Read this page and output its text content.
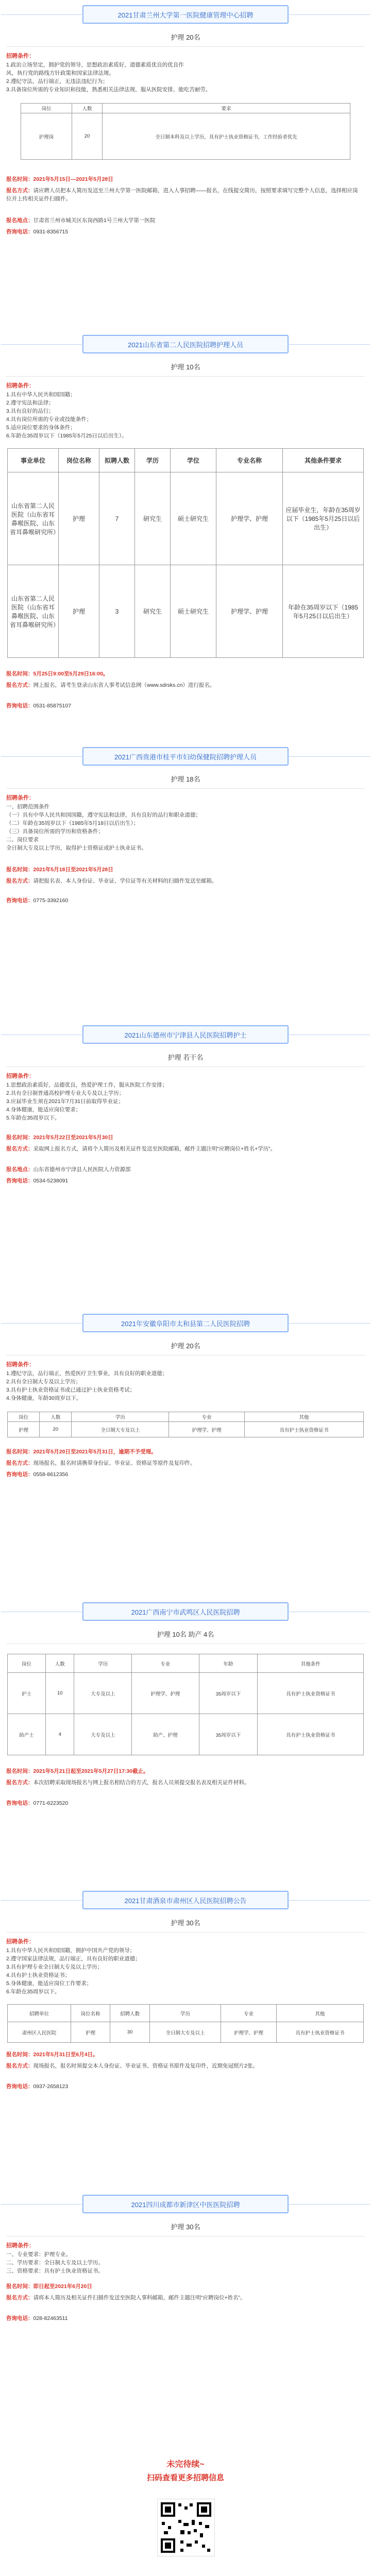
2021甘肃兰州大学第一医院健康管理中心招聘
护理 20名
招聘条件：
1.政治立场坚定，拥护党的领导，思想政治素质好，道德素质优良的优良作
风，执行党的路线方针政策和国家法律法规。
2.遵纪守法，品行端正，无违法违纪行为；
3.具备岗位所需的专业知识和技能，熟悉相关法律法规，服从医院安排，能吃苦耐劳。
岗位	人数	要求
护理岗	20	全日制本科及以上学历，具有护士执业资格证书，工作经验者优先
报名时间：2021年5月15日—2021年5月28日
报名方式：请应聘人员把本人简历发送至兰州大学第一医院邮箱，进入人事招聘——报名，在线提交简历，按照要求填写完整个人信息，选择相应岗位并上传相关证件扫描件。
报名地点：甘肃省兰州市城关区东岗西路1号兰州大学第一医院
咨询电话：0931-8356715
2021山东省第二人民医院招聘护理人员
护理 10名
招聘条件：
1.具有中华人民共和国国籍；
2.遵守宪法和法律；
3.具有良好的品行；
4.具有岗位所需的专业或技能条件；
5.适应岗位要求的身体条件；
6.年龄在35周岁以下（1985年5月25日以后出生）。
事业单位	岗位名称	拟聘人数	学历	学位	专业名称	其他条件要求
山东省第二人民医院（山东省耳鼻喉医院、山东省耳鼻喉研究所）	护理	7	研究生	硕士研究生	护理学、护理	应届毕业生，年龄在35周岁以下（1985年5月25日以后出生）
山东省第二人民医院（山东省耳鼻喉医院、山东省耳鼻喉研究所）	护理	3	研究生	硕士研究生	护理学、护理	年龄在35周岁以下（1985年5月25日以后出生）
报名时间：5月25日9:00至5月29日16:00。
报名方式：网上报名，请考生登录山东省人事考试信息网（www.sdrsks.cn）进行报名。
咨询电话：0531-85875107
2021广西贵港市桂平市妇幼保健院招聘护理人员
护理 18名
招聘条件：
一、招聘范围条件
（一）具有中华人民共和国国籍，遵守宪法和法律，具有良好的品行和职业道德；
（二）年龄在35周岁以下（1985年5月18日以后出生）；
（三）具备岗位所需的学历和资格条件；
二、岗位要求
全日制大专及以上学历，取得护士资格证或护士执业证书。
报名时间：2021年5月18日至2021年5月28日
报名方式：请把报名表、本人身份证、毕业证、学位证等有关材料的扫描件发送至邮箱。
咨询电话：0775-3392160
2021山东德州市宁津县人民医院招聘护士
护理 若干名
招聘条件：
1.思想政治素质好，品德优良，热爱护理工作，服从医院工作安排；
2.具有全日制普通高校护理专业大专及以上学历；
3.应届毕业生须在2021年7月31日前取得毕业证；
4.身体健康，能适应岗位要求；
5.年龄在35周岁以下。
报名时间：2021年5月22日至2021年5月30日
报名方式：采取网上报名方式，请将个人简历及相关证件发送至医院邮箱，邮件主题注明“应聘岗位+姓名+学历”。
报名地点：山东省德州市宁津县人民医院人力资源部
咨询电话：0534-5238091
2021年安徽阜阳市太和县第二人民医院招聘
护理 20名
招聘条件：
1.遵纪守法，品行端正，热爱医疗卫生事业，具有良好的职业道德；
2.具有全日制大专及以上学历；
3.具有护士执业资格证书或已通过护士执业资格考试；
4.身体健康，年龄30周岁以下。
岗位	人数	学历	专业	其他
护理	20	全日制大专及以上	护理学、护理	具有护士执业资格证书
报名时间：2021年5月20日至2021年5月31日，逾期不予受理。
报名方式：现场报名，报名时请携带身份证、毕业证、资格证等原件及复印件。
咨询电话：0558-8612356
2021广西南宁市武鸣区人民医院招聘
护理 10名 助产 4名
岗位	人数	学历	专业	年龄	其他条件
护士	10	大专及以上	护理学、护理	35周岁以下	具有护士执业资格证书
助产士	4	大专及以上	助产、护理	35周岁以下	具有护士执业资格证书
报名时间：2021年5月21日起至2021年5月27日17:30截止。
报名方式：本次招聘采取现场报名与网上报名相结合的方式，报名人员须提交报名表及相关证件材料。
咨询电话：0771-6223520
2021甘肃酒泉市肃州区人民医院招聘公告
护理 30名
招聘条件：
1.具有中华人民共和国国籍，拥护中国共产党的领导；
2.遵守国家法律法规，品行端正，具有良好的职业道德；
3.具有护理专业全日制大专及以上学历；
4.具有护士执业资格证书；
5.身体健康，能适应岗位工作要求；
6.年龄在35周岁以下。
招聘单位	岗位名称	招聘人数	学历	专业	其他
肃州区人民医院	护理	30	全日制大专及以上	护理学、护理	具有护士执业资格证书
报名时间：2021年5月31日至6月4日。
报名方式：现场报名，报名时须提交本人身份证、毕业证书、资格证书原件及复印件，近期免冠照片2张。
咨询电话：0937-2658123
2021四川成都市新津区中医医院招聘
护理 30名
招聘条件：
一、专业要求：护理专业。
二、学历要求：全日制大专及以上学历。
三、资格要求：具有护士执业资格证书。
报名时间：即日起至2021年6月20日
报名方式：请将本人简历及相关证件扫描件发送至医院人事科邮箱，邮件主题注明“应聘岗位+姓名”。
咨询电话：028-82463511
未完待续~
扫码查看更多招聘信息
